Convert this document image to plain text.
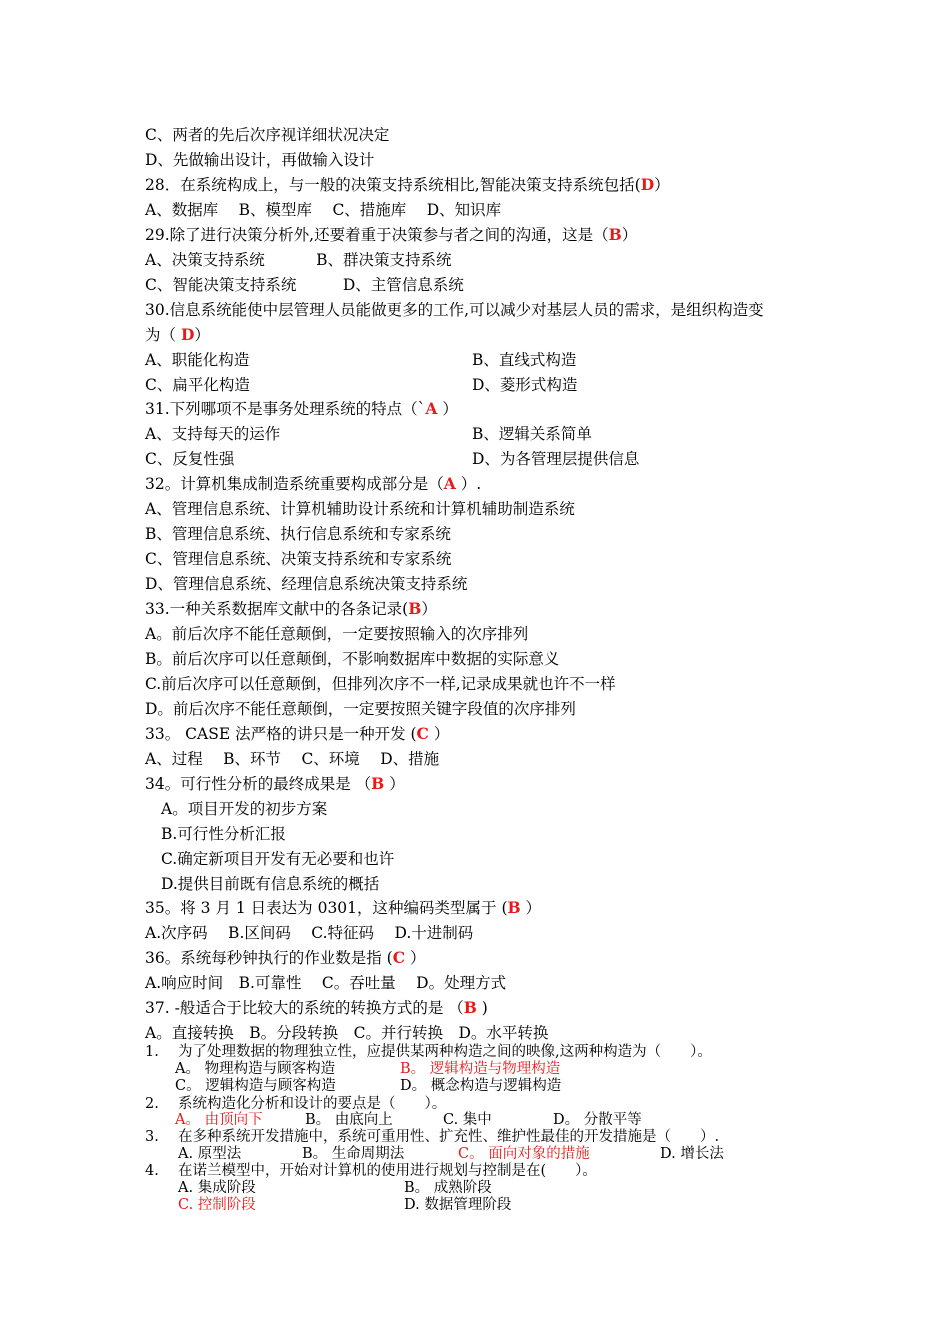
C、两者的先后次序视详细状况决定
D、先做输出设计，再做输入设计
28．在系统构成上，与一般的决策支持系统相比,智能决策支持系统包括(D）
A、数据库　 B、模型库　 C、措施库　 D、知识库
29.除了进行决策分析外,还要着重于决策参与者之间的沟通，这是（B）
A、决策支持系统　　　 B、群决策支持系统
C、智能决策支持系统　　　D、主管信息系统
30.信息系统能使中层管理人员能做更多的工作,可以减少对基层人员的需求，是组织构造变
为（ D）
A、职能化构造	B、直线式构造
C、扁平化构造	D、菱形式构造
31.下列哪项不是事务处理系统的特点（`A ）
A、支持每天的运作	B、逻辑关系简单
C、反复性强	D、为各管理层提供信息
32。计算机集成制造系统重要构成部分是（A ）.
A、管理信息系统、计算机辅助设计系统和计算机辅助制造系统
B、管理信息系统、执行信息系统和专家系统
C、管理信息系统、决策支持系统和专家系统
D、管理信息系统、经理信息系统决策支持系统
33.一种关系数据库文献中的各条记录(B）
A。前后次序不能任意颠倒，一定要按照输入的次序排列
B。前后次序可以任意颠倒，不影响数据库中数据的实际意义
C.前后次序可以任意颠倒，但排列次序不一样,记录成果就也许不一样
D。前后次序不能任意颠倒，一定要按照关键字段值的次序排列
33。 CASE 法严格的讲只是一种开发 (C ）
A、过程　 B、环节　 C、环境　 D、措施
34。可行性分析的最终成果是 （B ）
A。项目开发的初步方案
B.可行性分析汇报
C.确定新项目开发有无必要和也许
D.提供目前既有信息系统的概括
35。将 3 月 1 日表达为 0301，这种编码类型属于 (B ）
A.次序码　 B.区间码　 C.特征码　 D.十进制码
36。系统每秒钟执行的作业数是指 (C ）
A.响应时间　B.可靠性　 C。吞吐量　 D。处理方式
37. -般适合于比较大的系统的转换方式的是 （B )
A。直接转换　B。分段转换　C。并行转换　D。水平转换
1. 为了处理数据的物理独立性，应提供某两种构造之间的映像,这两种构造为（　　）。
A。 物理构造与顾客构造	B。 逻辑构造与物理构造
C。 逻辑构造与顾客构造	D。 概念构造与逻辑构造
2. 系统构造化分析和设计的要点是（　　）。
A。 由顶向下	B。 由底向上	C. 集中	D。 分散平等
3. 在多种系统开发措施中，系统可重用性、扩充性、维护性最佳的开发措施是（　　）.
A. 原型法	B。 生命周期法	C。 面向对象的措施	D. 增长法
4. 在诺兰模型中，开始对计算机的使用进行规划与控制是在(　　）。
A. 集成阶段	B。 成熟阶段
C. 控制阶段	D. 数据管理阶段
